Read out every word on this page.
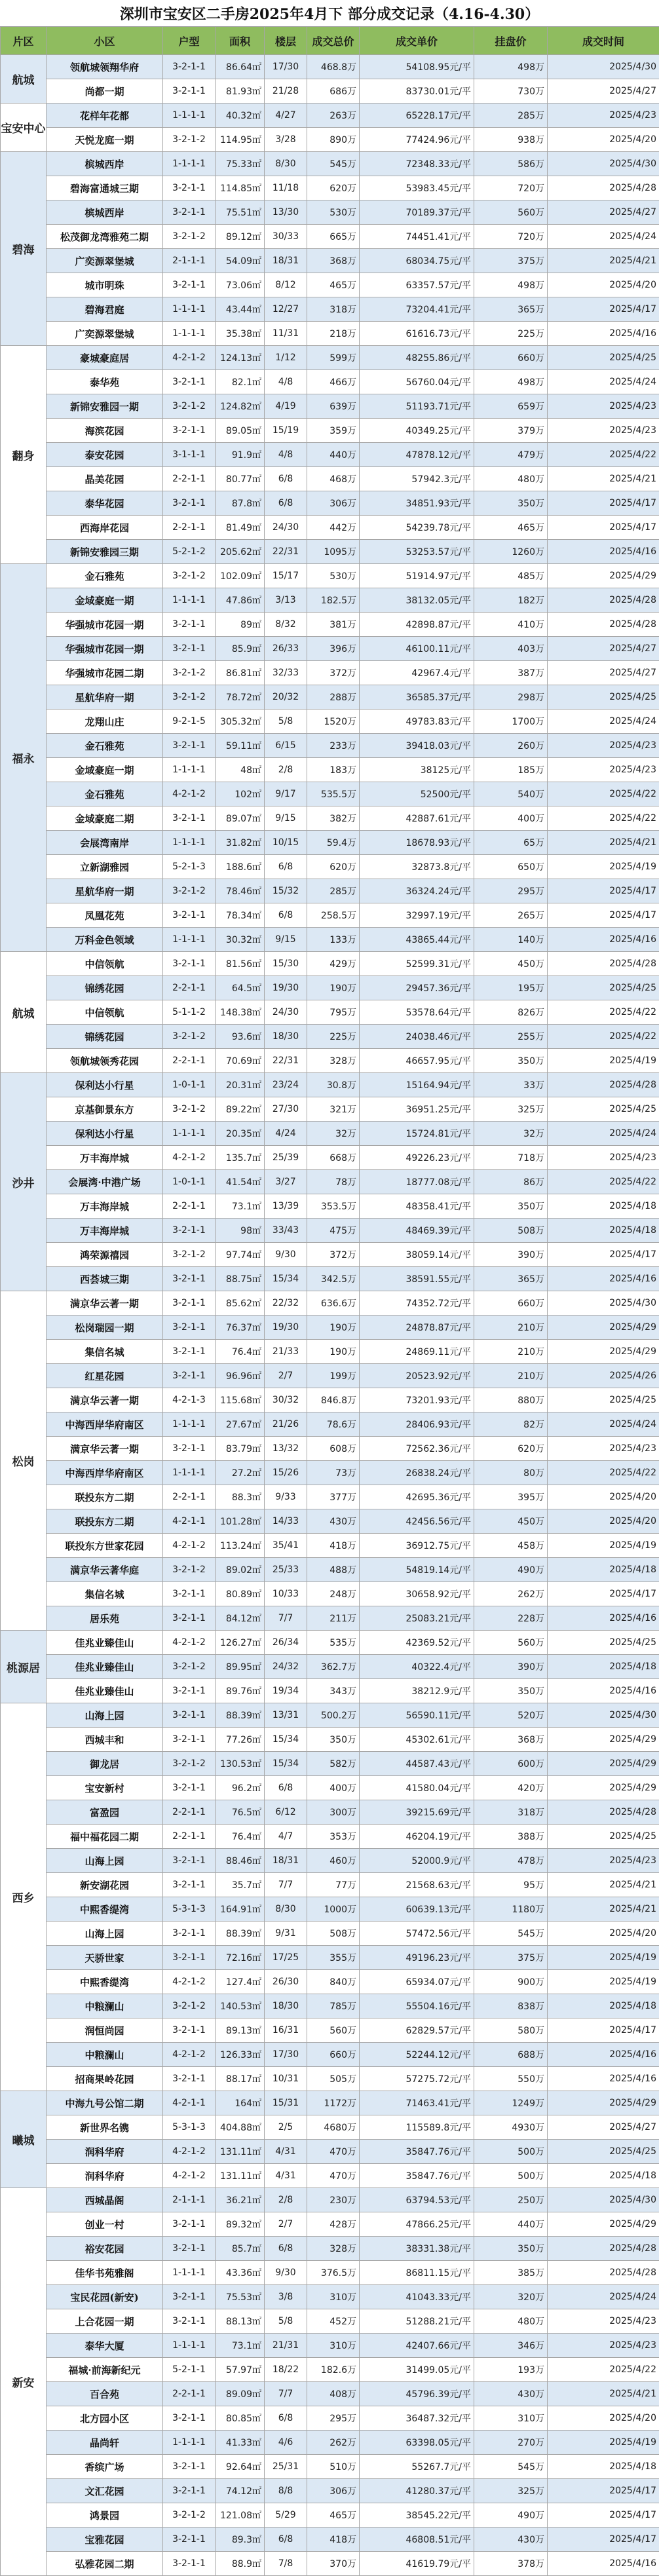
深圳市宝安区二手房2025年4月下 部分成交记录（4.16-4.30）
片区	小区	户型	面积	楼层	成交总价	成交单价	挂盘价	成交时间
航城	领航城领翔华府	3-2-1-1	86.64㎡	17/30	468.8万	54108.95元/平	498万	2025/4/30
	尚都一期	3-2-1-1	81.93㎡	21/28	686万	83730.01元/平	730万	2025/4/27
宝安中心	花样年花都	1-1-1-1	40.32㎡	4/27	263万	65228.17元/平	285万	2025/4/23
	天悦龙庭一期	3-2-1-2	114.95㎡	3/28	890万	77424.96元/平	938万	2025/4/20
碧海	槟城西岸	1-1-1-1	75.33㎡	8/30	545万	72348.33元/平	586万	2025/4/30
	碧海富通城三期	3-2-1-1	114.85㎡	11/18	620万	53983.45元/平	720万	2025/4/28
	槟城西岸	3-2-1-1	75.51㎡	13/30	530万	70189.37元/平	560万	2025/4/27
	松茂御龙湾雅苑二期	3-2-1-2	89.12㎡	30/33	665万	74451.41元/平	720万	2025/4/24
	广奕源翠堡城	2-1-1-1	54.09㎡	18/31	368万	68034.75元/平	375万	2025/4/21
	城市明珠	3-2-1-1	73.06㎡	8/12	465万	63357.57元/平	498万	2025/4/20
	碧海君庭	1-1-1-1	43.44㎡	12/27	318万	73204.41元/平	365万	2025/4/17
	广奕源翠堡城	1-1-1-1	35.38㎡	11/31	218万	61616.73元/平	225万	2025/4/16
翻身	豪城豪庭居	4-2-1-2	124.13㎡	1/12	599万	48255.86元/平	660万	2025/4/25
	泰华苑	3-2-1-1	82.1㎡	4/8	466万	56760.04元/平	498万	2025/4/24
	新锦安雅园一期	3-2-1-2	124.82㎡	4/19	639万	51193.71元/平	659万	2025/4/23
	海滨花园	3-2-1-1	89.05㎡	15/19	359万	40349.25元/平	379万	2025/4/23
	泰安花园	3-1-1-1	91.9㎡	4/8	440万	47878.12元/平	479万	2025/4/22
	晶美花园	2-2-1-1	80.77㎡	6/8	468万	57942.3元/平	480万	2025/4/21
	泰华花园	3-2-1-1	87.8㎡	6/8	306万	34851.93元/平	350万	2025/4/17
	西海岸花园	2-2-1-1	81.49㎡	24/30	442万	54239.78元/平	465万	2025/4/17
	新锦安雅园三期	5-2-1-2	205.62㎡	22/31	1095万	53253.57元/平	1260万	2025/4/16
福永	金石雅苑	3-2-1-2	102.09㎡	15/17	530万	51914.97元/平	485万	2025/4/29
	金域豪庭一期	1-1-1-1	47.86㎡	3/13	182.5万	38132.05元/平	182万	2025/4/28
	华强城市花园一期	3-2-1-1	89㎡	8/32	381万	42898.87元/平	410万	2025/4/28
	华强城市花园一期	3-2-1-1	85.9㎡	26/33	396万	46100.11元/平	403万	2025/4/27
	华强城市花园二期	3-2-1-2	86.81㎡	32/33	372万	42967.4元/平	387万	2025/4/27
	星航华府一期	3-2-1-2	78.72㎡	20/32	288万	36585.37元/平	298万	2025/4/25
	龙翔山庄	9-2-1-5	305.32㎡	5/8	1520万	49783.83元/平	1700万	2025/4/24
	金石雅苑	3-2-1-1	59.11㎡	6/15	233万	39418.03元/平	260万	2025/4/23
	金域豪庭一期	1-1-1-1	48㎡	2/8	183万	38125元/平	185万	2025/4/23
	金石雅苑	4-2-1-2	102㎡	9/17	535.5万	52500元/平	540万	2025/4/22
	金域豪庭二期	3-2-1-1	89.07㎡	9/15	382万	42887.61元/平	400万	2025/4/22
	会展湾南岸	1-1-1-1	31.82㎡	10/15	59.4万	18678.93元/平	65万	2025/4/21
	立新湖雅园	5-2-1-3	188.6㎡	6/8	620万	32873.8元/平	650万	2025/4/19
	星航华府一期	3-2-1-2	78.46㎡	15/32	285万	36324.24元/平	295万	2025/4/17
	凤凰花苑	3-2-1-1	78.34㎡	6/8	258.5万	32997.19元/平	265万	2025/4/17
	万科金色领域	1-1-1-1	30.32㎡	9/15	133万	43865.44元/平	140万	2025/4/16
航城	中信领航	3-2-1-1	81.56㎡	15/30	429万	52599.31元/平	450万	2025/4/28
	锦绣花园	2-2-1-1	64.5㎡	19/30	190万	29457.36元/平	195万	2025/4/25
	中信领航	5-1-1-2	148.38㎡	24/30	795万	53578.64元/平	826万	2025/4/22
	锦绣花园	3-2-1-2	93.6㎡	18/30	225万	24038.46元/平	255万	2025/4/22
	领航城领秀花园	2-2-1-1	70.69㎡	22/31	328万	46657.95元/平	350万	2025/4/19
沙井	保利达小行星	1-0-1-1	20.31㎡	23/24	30.8万	15164.94元/平	33万	2025/4/28
	京基御景东方	3-2-1-2	89.22㎡	27/30	321万	36951.25元/平	325万	2025/4/25
	保利达小行星	1-1-1-1	20.35㎡	4/24	32万	15724.81元/平	32万	2025/4/24
	万丰海岸城	4-2-1-2	135.7㎡	25/39	668万	49226.23元/平	718万	2025/4/23
	会展湾·中港广场	1-0-1-1	41.54㎡	3/27	78万	18777.08元/平	86万	2025/4/22
	万丰海岸城	2-2-1-1	73.1㎡	13/39	353.5万	48358.41元/平	350万	2025/4/18
	万丰海岸城	3-2-1-1	98㎡	33/43	475万	48469.39元/平	508万	2025/4/18
	鸿荣源禧园	3-2-1-2	97.74㎡	9/30	372万	38059.14元/平	390万	2025/4/17
	西荟城三期	3-2-1-1	88.75㎡	15/34	342.5万	38591.55元/平	365万	2025/4/16
松岗	满京华云著一期	3-2-1-1	85.62㎡	22/32	636.6万	74352.72元/平	660万	2025/4/30
	松岗瑞园一期	3-2-1-1	76.37㎡	19/30	190万	24878.87元/平	210万	2025/4/29
	集信名城	3-2-1-1	76.4㎡	21/33	190万	24869.11元/平	210万	2025/4/29
	红星花园	3-2-1-1	96.96㎡	2/7	199万	20523.92元/平	210万	2025/4/26
	满京华云著一期	4-2-1-3	115.68㎡	30/32	846.8万	73201.93元/平	880万	2025/4/25
	中海西岸华府南区	1-1-1-1	27.67㎡	21/26	78.6万	28406.93元/平	82万	2025/4/24
	满京华云著一期	3-2-1-1	83.79㎡	13/32	608万	72562.36元/平	620万	2025/4/23
	中海西岸华府南区	1-1-1-1	27.2㎡	15/26	73万	26838.24元/平	80万	2025/4/22
	联投东方二期	2-2-1-1	88.3㎡	9/33	377万	42695.36元/平	395万	2025/4/20
	联投东方二期	4-2-1-1	101.28㎡	14/33	430万	42456.56元/平	450万	2025/4/20
	联投东方世家花园	4-2-1-2	113.24㎡	35/41	418万	36912.75元/平	458万	2025/4/19
	满京华云著华庭	3-2-1-2	89.02㎡	25/33	488万	54819.14元/平	490万	2025/4/18
	集信名城	3-2-1-1	80.89㎡	10/33	248万	30658.92元/平	262万	2025/4/17
	居乐苑	3-2-1-1	84.12㎡	7/7	211万	25083.21元/平	228万	2025/4/16
桃源居	佳兆业臻佳山	4-2-1-2	126.27㎡	26/34	535万	42369.52元/平	560万	2025/4/25
	佳兆业臻佳山	3-2-1-2	89.95㎡	24/32	362.7万	40322.4元/平	390万	2025/4/18
	佳兆业臻佳山	3-2-1-1	89.76㎡	19/34	343万	38212.9元/平	350万	2025/4/16
西乡	山海上园	3-2-1-1	88.39㎡	13/31	500.2万	56590.11元/平	520万	2025/4/30
	西城丰和	3-2-1-1	77.26㎡	15/34	350万	45302.61元/平	368万	2025/4/29
	御龙居	3-2-1-2	130.53㎡	15/34	582万	44587.43元/平	600万	2025/4/29
	宝安新村	3-2-1-1	96.2㎡	6/8	400万	41580.04元/平	420万	2025/4/29
	富盈园	2-2-1-1	76.5㎡	6/12	300万	39215.69元/平	318万	2025/4/28
	福中福花园二期	2-2-1-1	76.4㎡	4/7	353万	46204.19元/平	388万	2025/4/25
	山海上园	3-2-1-1	88.46㎡	18/31	460万	52000.9元/平	478万	2025/4/23
	新安湖花园	3-2-1-1	35.7㎡	7/7	77万	21568.63元/平	95万	2025/4/21
	中熙香缇湾	5-3-1-3	164.91㎡	8/30	1000万	60639.13元/平	1180万	2025/4/21
	山海上园	3-2-1-1	88.39㎡	9/31	508万	57472.56元/平	545万	2025/4/20
	天骄世家	3-2-1-1	72.16㎡	17/25	355万	49196.23元/平	375万	2025/4/19
	中熙香缇湾	4-2-1-2	127.4㎡	26/30	840万	65934.07元/平	900万	2025/4/19
	中粮澜山	3-2-1-2	140.53㎡	18/30	785万	55504.16元/平	838万	2025/4/18
	润恒尚园	3-2-1-1	89.13㎡	16/31	560万	62829.57元/平	580万	2025/4/17
	中粮澜山	4-2-1-2	126.33㎡	17/30	660万	52244.12元/平	688万	2025/4/16
	招商果岭花园	3-2-1-1	88.17㎡	10/31	505万	57275.72元/平	550万	2025/4/16
曦城	中海九号公馆二期	4-2-1-1	164㎡	15/31	1172万	71463.41元/平	1249万	2025/4/29
	新世界名镌	5-3-1-3	404.88㎡	2/5	4680万	115589.8元/平	4930万	2025/4/27
	润科华府	4-2-1-2	131.11㎡	4/31	470万	35847.76元/平	500万	2025/4/25
	润科华府	4-2-1-2	131.11㎡	4/31	470万	35847.76元/平	500万	2025/4/18
新安	西城晶阁	2-1-1-1	36.21㎡	2/8	230万	63794.53元/平	250万	2025/4/30
	创业一村	3-2-1-1	89.32㎡	2/7	428万	47866.25元/平	440万	2025/4/29
	裕安花园	3-2-1-1	85.7㎡	6/8	328万	38331.38元/平	350万	2025/4/28
	佳华书苑雅阁	1-1-1-1	43.36㎡	9/30	376.5万	86811.15元/平	385万	2025/4/28
	宝民花园(新安)	3-2-1-1	75.53㎡	3/8	310万	41043.33元/平	320万	2025/4/24
	上合花园一期	3-2-1-1	88.13㎡	5/8	452万	51288.21元/平	480万	2025/4/23
	泰华大厦	1-1-1-1	73.1㎡	21/31	310万	42407.66元/平	346万	2025/4/23
	福城·前海新纪元	5-2-1-1	57.97㎡	18/22	182.6万	31499.05元/平	193万	2025/4/22
	百合苑	2-2-1-1	89.09㎡	7/7	408万	45796.39元/平	430万	2025/4/21
	北方园小区	3-2-1-1	80.85㎡	6/8	295万	36487.32元/平	310万	2025/4/20
	晶尚轩	1-1-1-1	41.33㎡	4/6	262万	63398.05元/平	270万	2025/4/19
	香缤广场	3-2-1-1	92.64㎡	25/31	510万	55267.7元/平	545万	2025/4/18
	文汇花园	3-2-1-1	74.12㎡	8/8	306万	41280.37元/平	325万	2025/4/17
	鸿景园	3-2-1-2	121.08㎡	5/29	465万	38545.22元/平	490万	2025/4/17
	宝雅花园	3-2-1-1	89.3㎡	6/8	418万	46808.51元/平	430万	2025/4/17
	弘雅花园二期	3-2-1-1	88.9㎡	7/8	370万	41619.79元/平	378万	2025/4/16
